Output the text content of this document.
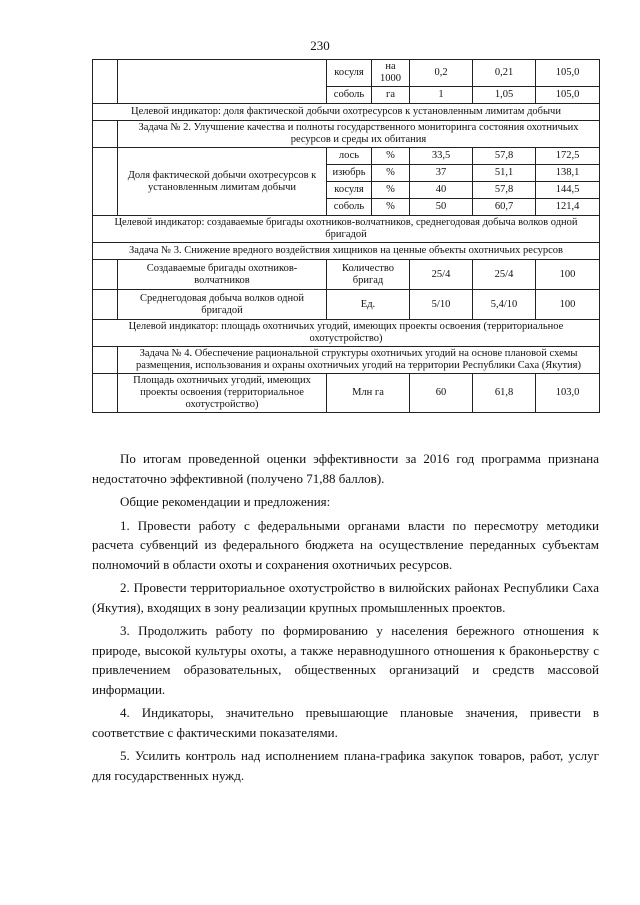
230
		косуля	на 1000	0,2	0,21	105,0
		соболь	га	1	1,05	105,0
Целевой индикатор: доля фактической добычи охотресурсов к установленным лимитам добычи						
	Задача № 2. Улучшение качества и полноты государственного мониторинга состояния охотничьих ресурсов и среды их обитания					
	Доля фактической добычи охотресурсов к установленным лимитам добычи	лось	%	33,5	57,8	172,5
		изюбрь	%	37	51,1	138,1
		косуля	%	40	57,8	144,5
		соболь	%	50	60,7	121,4
Целевой индикатор: создаваемые бригады охотников-волчатников, среднегодовая добыча волков одной бригадой						
Задача № 3. Снижение вредного воздействия хищников на ценные объекты охотничьих ресурсов						
	Создаваемые бригады охотников-волчатников	Количество бригад		25/4	25/4	100
	Среднегодовая добыча волков одной бригадой	Ед.		5/10	5,4/10	100
Целевой индикатор: площадь охотничьих угодий, имеющих проекты освоения (территориальное охотустройство)						
	Задача № 4. Обеспечение рациональной структуры охотничьих угодий на основе плановой схемы размещения, использования и охраны охотничьих угодий на территории Республики Саха (Якутия)					
	Площадь охотничьих угодий, имеющих проекты освоения (территориальное охотустройство)	Млн га		60	61,8	103,0

По итогам проведенной оценки эффективности за 2016 год программа признана недостаточно эффективной (получено 71,88 баллов).

Общие рекомендации и предложения:

1. Провести работу с федеральными органами власти по пересмотру методики расчета субвенций из федерального бюджета на осуществление переданных субъектам полномочий в области охоты и сохранения охотничьих ресурсов.

2. Провести территориальное охотустройство в вилюйских районах Республики Саха (Якутия), входящих в зону реализации крупных промышленных проектов.

3. Продолжить работу по формированию у населения бережного отношения к природе, высокой культуры охоты, а также неравнодушного отношения к браконьерству с привлечением образовательных, общественных организаций и средств массовой информации.

4. Индикаторы, значительно превышающие плановые значения, привести в соответствие с фактическими показателями.

5. Усилить контроль над исполнением плана-графика закупок товаров, работ, услуг для государственных нужд.
